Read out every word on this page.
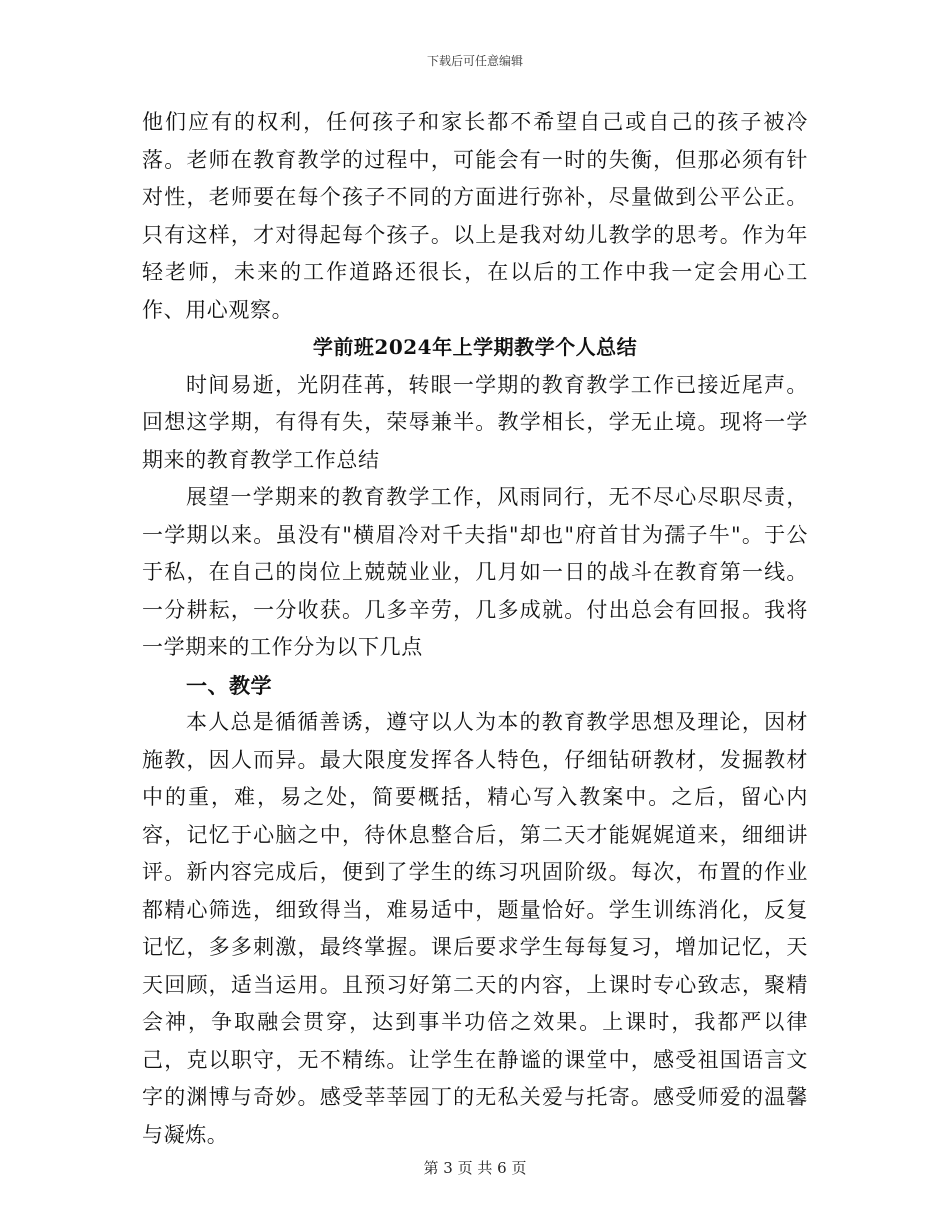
下载后可任意编辑

他们应有的权利，任何孩子和家长都不希望自己或自己的孩子被冷落。老师在教育教学的过程中，可能会有一时的失衡，但那必须有针对性，老师要在每个孩子不同的方面进行弥补，尽量做到公平公正。只有这样，才对得起每个孩子。以上是我对幼儿教学的思考。作为年轻老师，未来的工作道路还很长，在以后的工作中我一定会用心工作、用心观察。

学前班2024年上学期教学个人总结

时间易逝，光阴荏苒，转眼一学期的教育教学工作已接近尾声。回想这学期，有得有失，荣辱兼半。教学相长，学无止境。现将一学期来的教育教学工作总结

展望一学期来的教育教学工作，风雨同行，无不尽心尽职尽责，一学期以来。虽没有"横眉冷对千夫指"却也"府首甘为孺子牛"。于公于私，在自己的岗位上兢兢业业，几月如一日的战斗在教育第一线。一分耕耘，一分收获。几多辛劳，几多成就。付出总会有回报。我将一学期来的工作分为以下几点

一、教学

本人总是循循善诱，遵守以人为本的教育教学思想及理论，因材施教，因人而异。最大限度发挥各人特色，仔细钻研教材，发掘教材中的重，难，易之处，简要概括，精心写入教案中。之后，留心内容，记忆于心脑之中，待休息整合后，第二天才能娓娓道来，细细讲评。新内容完成后，便到了学生的练习巩固阶级。每次，布置的作业都精心筛选，细致得当，难易适中，题量恰好。学生训练消化，反复记忆，多多刺激，最终掌握。课后要求学生每每复习，增加记忆，天天回顾，适当运用。且预习好第二天的内容，上课时专心致志，聚精会神，争取融会贯穿，达到事半功倍之效果。上课时，我都严以律己，克以职守，无不精练。让学生在静谧的课堂中，感受祖国语言文字的渊博与奇妙。感受莘莘园丁的无私关爱与托寄。感受师爱的温馨与凝炼。

第 3 页 共 6 页
